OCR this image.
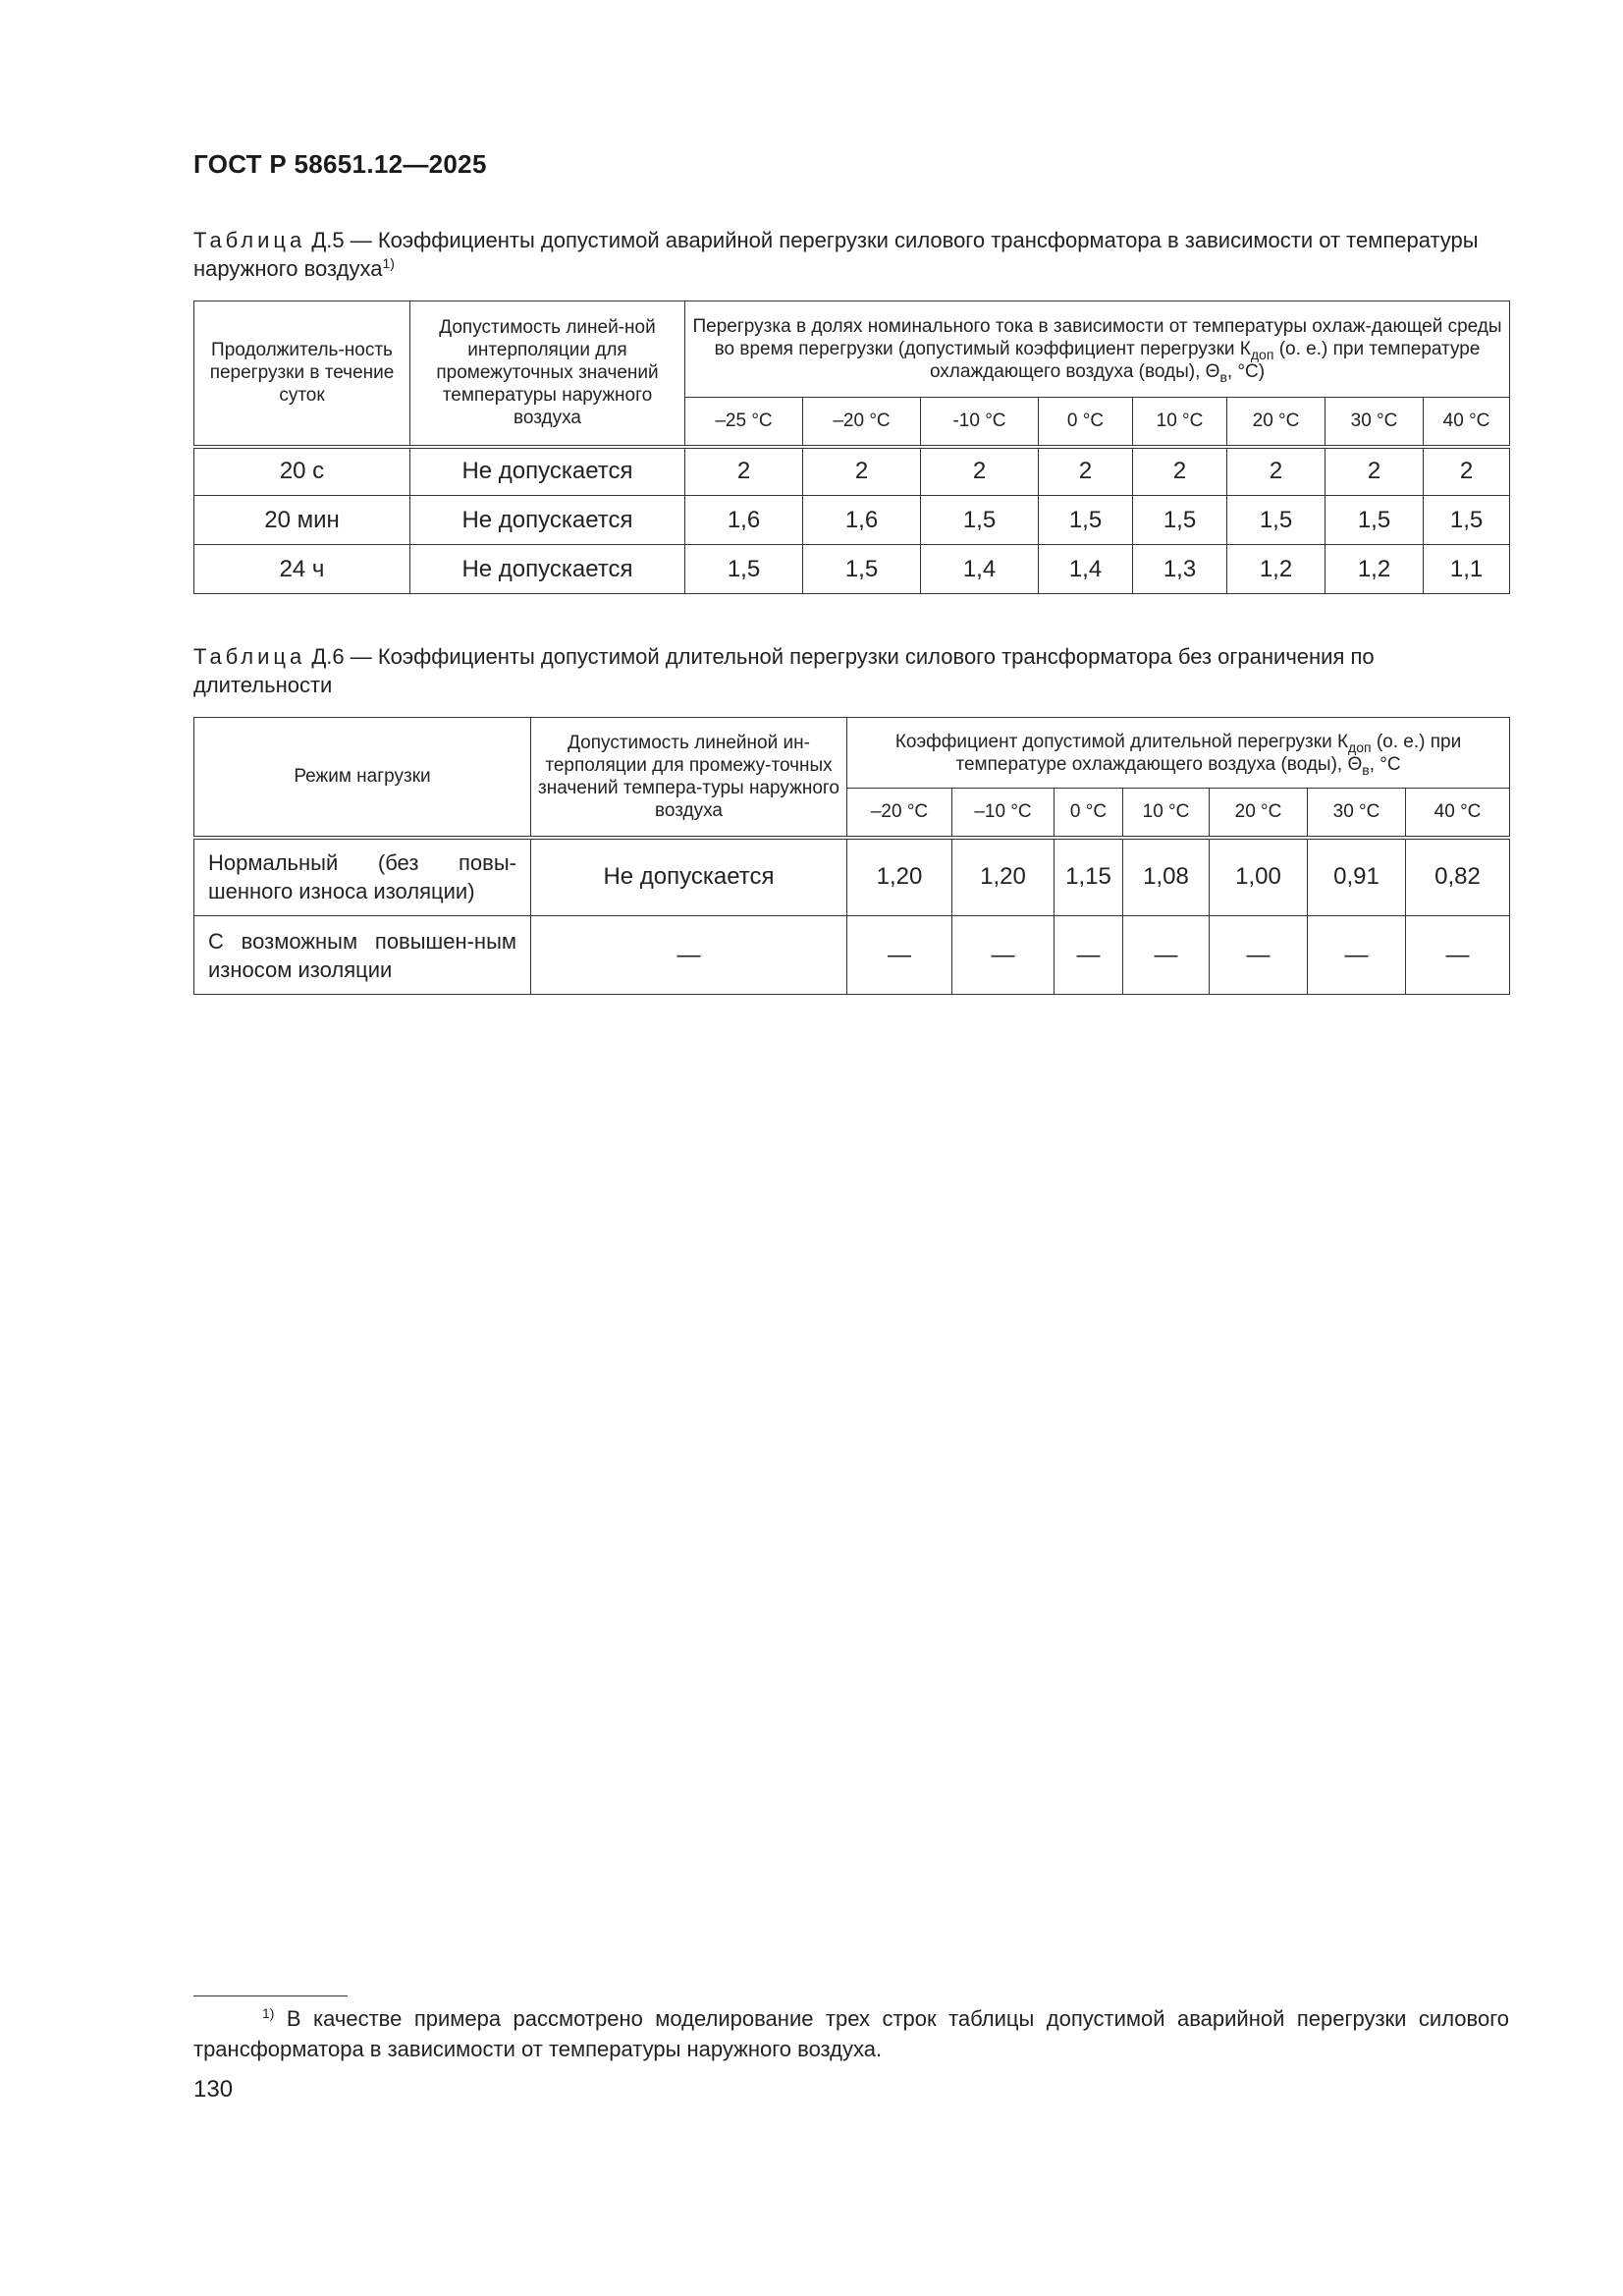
ГОСТ Р 58651.12—2025
Таблица Д.5 — Коэффициенты допустимой аварийной перегрузки силового трансформатора в зависимости от температуры наружного воздуха$^{1)}$
Продолжитель-ность перегрузки в течение суток	Допустимость линей-ной интерполяции для промежуточных значений температуры наружного воздуха	Перегрузка в долях номинального тока в зависимости от температуры охлаж-дающей среды во время перегрузки (допустимый коэффициент перегрузки $К_{доп}$ (о. е.) при температуре охлаждающего воздуха (воды), $\Theta_в$, °С)							
		–25 °С	–20 °С	-10 °С	0 °С	10 °С	20 °С	30 °С	40 °С
20 с	Не допускается	2	2	2	2	2	2	2	2
20 мин	Не допускается	1,6	1,6	1,5	1,5	1,5	1,5	1,5	1,5
24 ч	Не допускается	1,5	1,5	1,4	1,4	1,3	1,2	1,2	1,1
Таблица Д.6 — Коэффициенты допустимой длительной перегрузки силового трансформатора без ограничения по длительности
Режим нагрузки	Допустимость линейной ин-терполяции для промежу-точных значений темпера-туры наружного воздуха	Коэффициент допустимой длительной перегрузки $К_{доп}$ (о. е.) при температуре охлаждающего воздуха (воды), $\Theta_в$, °С						
		–20 °С	–10 °С	0 °С	10 °С	20 °С	30 °С	40 °С
Нормальный (без повы-шенного износа изоляции)	Не допускается	1,20	1,20	1,15	1,08	1,00	0,91	0,82
С возможным повышен-ным износом изоляции	—	—	—	—	—	—	—	—
$^{1)}$ В качестве примера рассмотрено моделирование трех строк таблицы допустимой аварийной перегрузки силового трансформатора в зависимости от температуры наружного воздуха.
130
